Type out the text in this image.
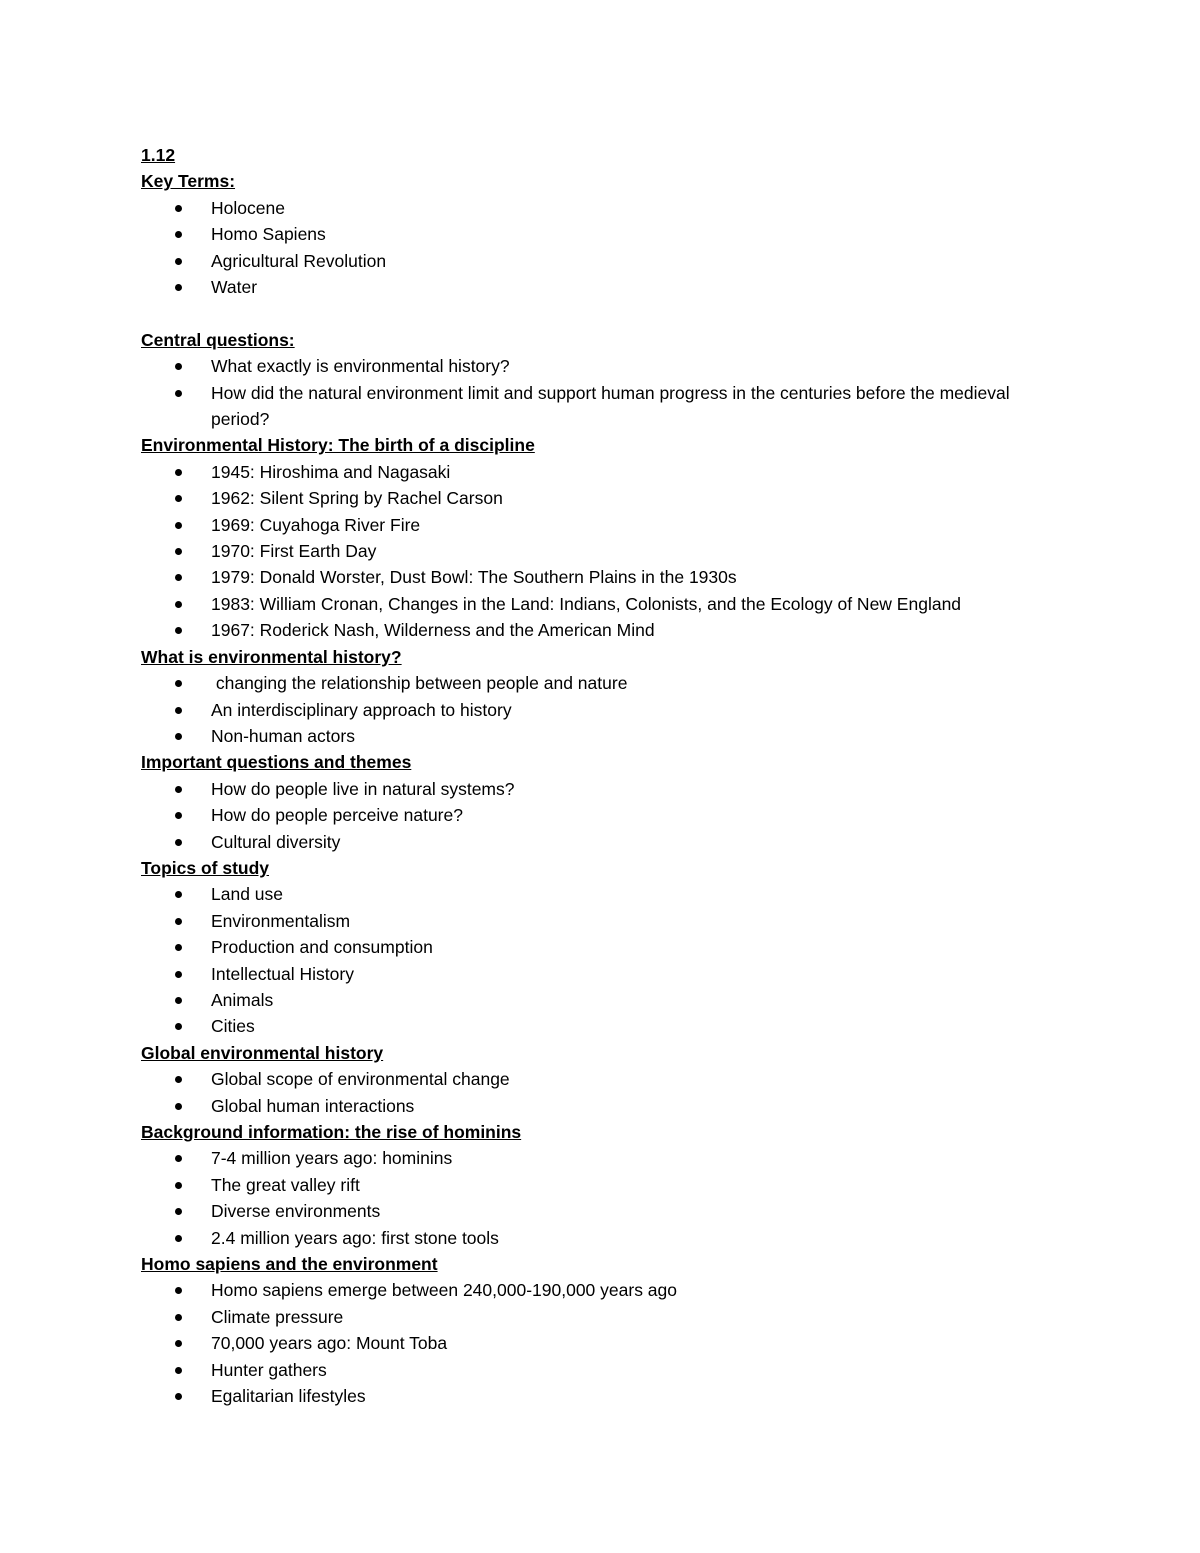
1.12
Key Terms:
Holocene
Homo Sapiens
Agricultural Revolution
Water
Central questions:
What exactly is environmental history?
How did the natural environment limit and support human progress in the centuries before the medieval period?
Environmental History: The birth of a discipline
1945: Hiroshima and Nagasaki
1962: Silent Spring by Rachel Carson
1969: Cuyahoga River Fire
1970: First Earth Day
1979: Donald Worster, Dust Bowl: The Southern Plains in the 1930s
1983: William Cronan, Changes in the Land: Indians, Colonists, and the Ecology of New England
1967: Roderick Nash, Wilderness and the American Mind
What is environmental history?
changing the relationship between people and nature
An interdisciplinary approach to history
Non-human actors
Important questions and themes
How do people live in natural systems?
How do people perceive nature?
Cultural diversity
Topics of study
Land use
Environmentalism
Production and consumption
Intellectual History
Animals
Cities
Global environmental history
Global scope of environmental change
Global human interactions
Background information: the rise of hominins
7-4 million years ago: hominins
The great valley rift
Diverse environments
2.4 million years ago: first stone tools
Homo sapiens and the environment
Homo sapiens emerge between 240,000-190,000 years ago
Climate pressure
70,000 years ago: Mount Toba
Hunter gathers
Egalitarian lifestyles
